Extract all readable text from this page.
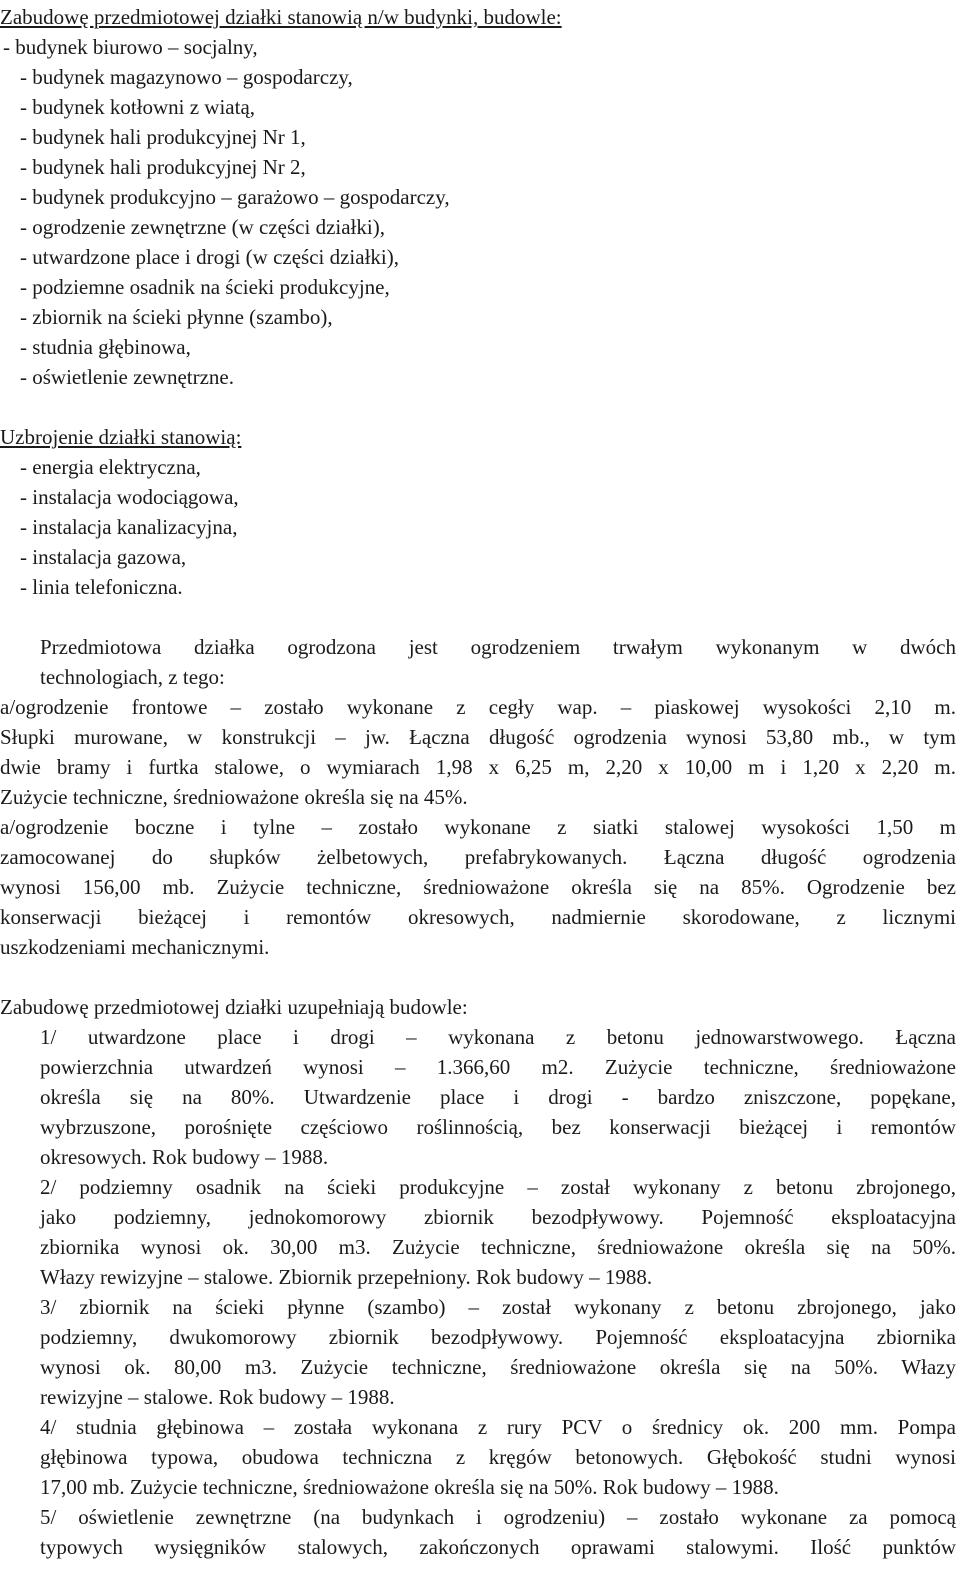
Zabudowę przedmiotowej działki stanowią n/w budynki, budowle:
- budynek biurowo – socjalny,
- budynek magazynowo – gospodarczy,
- budynek kotłowni z wiatą,
- budynek hali produkcyjnej Nr 1,
- budynek hali produkcyjnej Nr 2,
- budynek produkcyjno – garażowo – gospodarczy,
- ogrodzenie zewnętrzne (w części działki),
- utwardzone place i drogi (w części działki),
- podziemne osadnik na ścieki produkcyjne,
- zbiornik na ścieki płynne (szambo),
- studnia głębinowa,
- oświetlenie zewnętrzne.
Uzbrojenie działki stanowią:
- energia elektryczna,
- instalacja wodociągowa,
- instalacja kanalizacyjna,
- instalacja gazowa,
- linia telefoniczna.
Przedmiotowa działka ogrodzona jest ogrodzeniem trwałym wykonanym w dwóch
technologiach, z tego:
a/ogrodzenie frontowe – zostało wykonane z cegły wap. – piaskowej wysokości 2,10 m.
Słupki murowane, w konstrukcji – jw. Łączna długość ogrodzenia wynosi 53,80 mb., w tym
dwie bramy i furtka stalowe, o wymiarach 1,98 x 6,25 m, 2,20 x 10,00 m i 1,20 x 2,20 m.
Zużycie techniczne, średnioważone określa się na 45%.
a/ogrodzenie boczne i tylne – zostało wykonane z siatki stalowej wysokości 1,50 m
zamocowanej do słupków żelbetowych, prefabrykowanych. Łączna długość ogrodzenia
wynosi 156,00 mb. Zużycie techniczne, średnioważone określa się na 85%. Ogrodzenie bez
konserwacji bieżącej i remontów okresowych, nadmiernie skorodowane, z licznymi
uszkodzeniami mechanicznymi.
Zabudowę przedmiotowej działki uzupełniają budowle:
1/ utwardzone place i drogi – wykonana z betonu jednowarstwowego. Łączna
powierzchnia utwardzeń wynosi – 1.366,60 m2. Zużycie techniczne, średnioważone
określa się na 80%. Utwardzenie place i drogi - bardzo zniszczone, popękane,
wybrzuszone, porośnięte częściowo roślinnością, bez konserwacji bieżącej i remontów
okresowych. Rok budowy – 1988.
2/ podziemny osadnik na ścieki produkcyjne – został wykonany z betonu zbrojonego,
jako podziemny, jednokomorowy zbiornik bezodpływowy. Pojemność eksploatacyjna
zbiornika wynosi ok. 30,00 m3. Zużycie techniczne, średnioważone określa się na 50%.
Włazy rewizyjne – stalowe. Zbiornik przepełniony. Rok budowy – 1988.
3/ zbiornik na ścieki płynne (szambo) – został wykonany z betonu zbrojonego, jako
podziemny, dwukomorowy zbiornik bezodpływowy. Pojemność eksploatacyjna zbiornika
wynosi ok. 80,00 m3. Zużycie techniczne, średnioważone określa się na 50%. Włazy
rewizyjne – stalowe. Rok budowy – 1988.
4/ studnia głębinowa – została wykonana z rury PCV o średnicy ok. 200 mm. Pompa
głębinowa typowa, obudowa techniczna z kręgów betonowych. Głębokość studni wynosi
17,00 mb. Zużycie techniczne, średnioważone określa się na 50%. Rok budowy – 1988.
5/ oświetlenie zewnętrzne (na budynkach i ogrodzeniu) – zostało wykonane za pomocą
typowych wysięgników stalowych, zakończonych oprawami stalowymi. Ilość punktów
